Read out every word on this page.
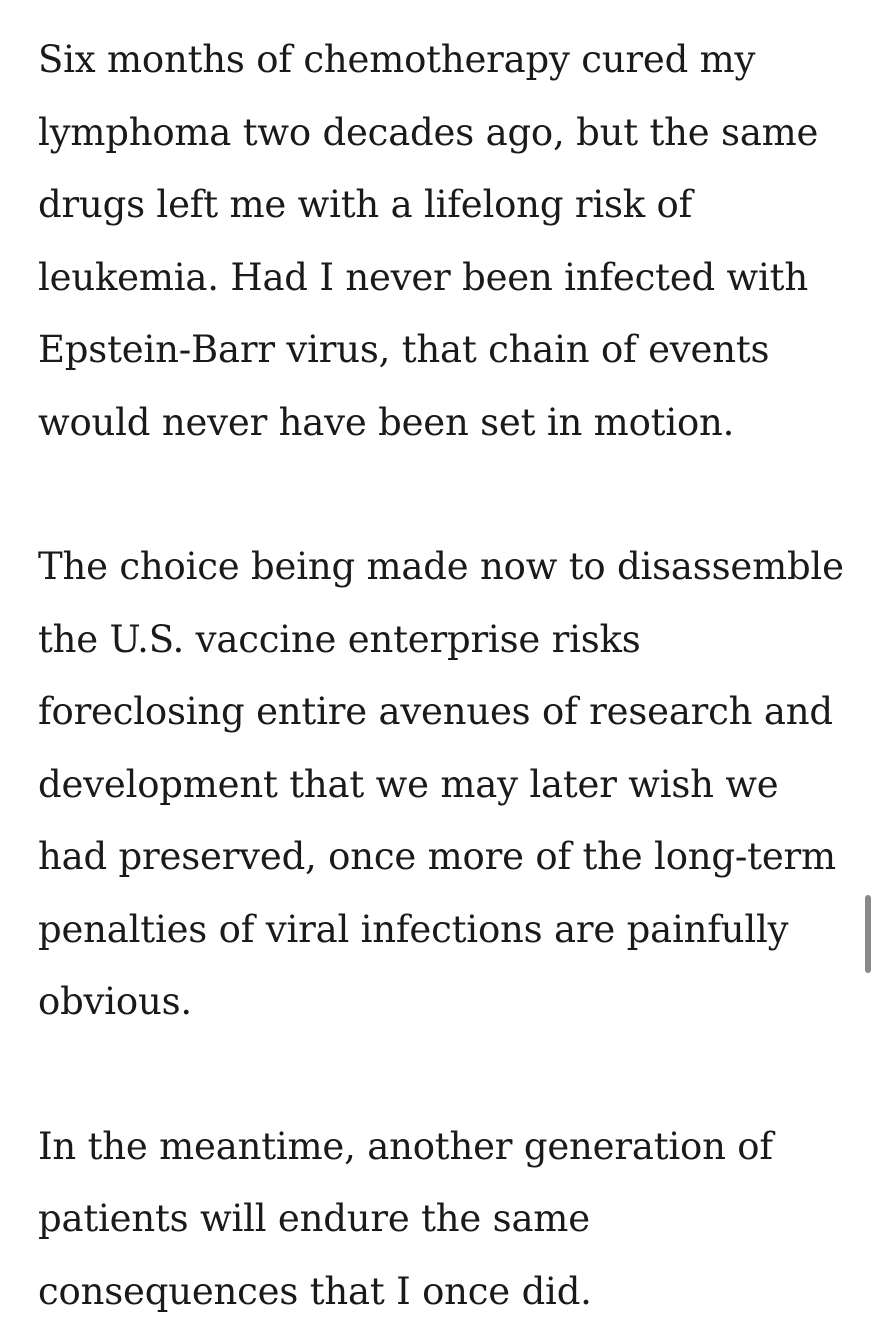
Six months of chemotherapy cured my
lymphoma two decades ago, but the same
drugs left me with a lifelong risk of
leukemia. Had I never been infected with
Epstein-Barr virus, that chain of events
would never have been set in motion.

The choice being made now to disassemble
the U.S. vaccine enterprise risks
foreclosing entire avenues of research and
development that we may later wish we
had preserved, once more of the long-term
penalties of viral infections are painfully
obvious.

In the meantime, another generation of
patients will endure the same
consequences that I once did.
